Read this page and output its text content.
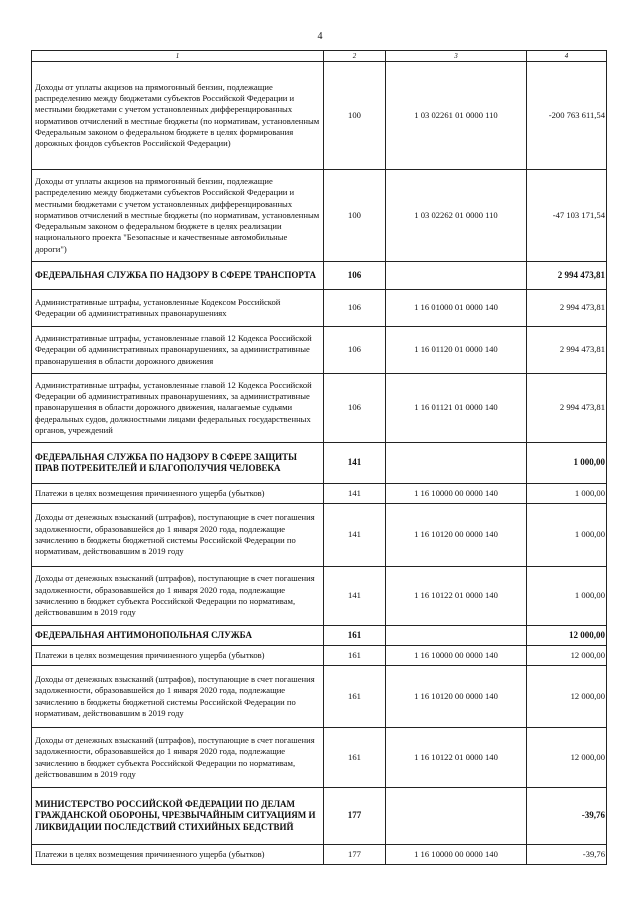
4
1	2	3	4
Доходы от уплаты акцизов на прямогонный бензин, подлежащие распределению между бюджетами субъектов Российской Федерации и местными бюджетами с учетом установленных дифференцированных нормативов отчислений в местные бюджеты (по нормативам, установленным Федеральным законом о федеральном бюджете в целях формирования дорожных фондов субъектов Российской Федерации)	100	1 03 02261 01 0000 110	-200 763 611,54
Доходы от уплаты акцизов на прямогонный бензин, подлежащие распределению между бюджетами субъектов Российской Федерации и местными бюджетами с учетом установленных дифференцированных нормативов отчислений в местные бюджеты (по нормативам, установленным Федеральным законом о федеральном бюджете в целях реализации национального проекта "Безопасные и качественные автомобильные дороги")	100	1 03 02262 01 0000 110	-47 103 171,54
ФЕДЕРАЛЬНАЯ СЛУЖБА ПО НАДЗОРУ В СФЕРЕ ТРАНСПОРТА	106		2 994 473,81
Административные штрафы, установленные Кодексом Российской Федерации об административных правонарушениях	106	1 16 01000 01 0000 140	2 994 473,81
Административные штрафы, установленные главой 12 Кодекса Российской Федерации об административных правонарушениях, за административные правонарушения в области дорожного движения	106	1 16 01120 01 0000 140	2 994 473,81
Административные штрафы, установленные главой 12 Кодекса Российской Федерации об административных правонарушениях, за административные правонарушения в области дорожного движения, налагаемые судьями федеральных судов, должностными лицами федеральных государственных органов, учреждений	106	1 16 01121 01 0000 140	2 994 473,81
ФЕДЕРАЛЬНАЯ СЛУЖБА ПО НАДЗОРУ В СФЕРЕ ЗАЩИТЫ ПРАВ ПОТРЕБИТЕЛЕЙ И БЛАГОПОЛУЧИЯ ЧЕЛОВЕКА	141		1 000,00
Платежи в целях возмещения причиненного ущерба (убытков)	141	1 16 10000 00 0000 140	1 000,00
Доходы от денежных взысканий (штрафов), поступающие в счет погашения задолженности, образовавшейся до 1 января 2020 года, подлежащие зачислению в бюджеты бюджетной системы Российской Федерации по нормативам, действовавшим в 2019 году	141	1 16 10120 00 0000 140	1 000,00
Доходы от денежных взысканий (штрафов), поступающие в счет погашения задолженности, образовавшейся до 1 января 2020 года, подлежащие зачислению в бюджет субъекта Российской Федерации по нормативам, действовавшим в 2019 году	141	1 16 10122 01 0000 140	1 000,00
ФЕДЕРАЛЬНАЯ АНТИМОНОПОЛЬНАЯ СЛУЖБА	161		12 000,00
Платежи в целях возмещения причиненного ущерба (убытков)	161	1 16 10000 00 0000 140	12 000,00
Доходы от денежных взысканий (штрафов), поступающие в счет погашения задолженности, образовавшейся до 1 января 2020 года, подлежащие зачислению в бюджеты бюджетной системы Российской Федерации по нормативам, действовавшим в 2019 году	161	1 16 10120 00 0000 140	12 000,00
Доходы от денежных взысканий (штрафов), поступающие в счет погашения задолженности, образовавшейся до 1 января 2020 года, подлежащие зачислению в бюджет субъекта Российской Федерации по нормативам, действовавшим в 2019 году	161	1 16 10122 01 0000 140	12 000,00
МИНИСТЕРСТВО РОССИЙСКОЙ ФЕДЕРАЦИИ ПО ДЕЛАМ ГРАЖДАНСКОЙ ОБОРОНЫ, ЧРЕЗВЫЧАЙНЫМ СИТУАЦИЯМ И ЛИКВИДАЦИИ ПОСЛЕДСТВИЙ СТИХИЙНЫХ БЕДСТВИЙ	177		-39,76
Платежи в целях возмещения причиненного ущерба (убытков)	177	1 16 10000 00 0000 140	-39,76
